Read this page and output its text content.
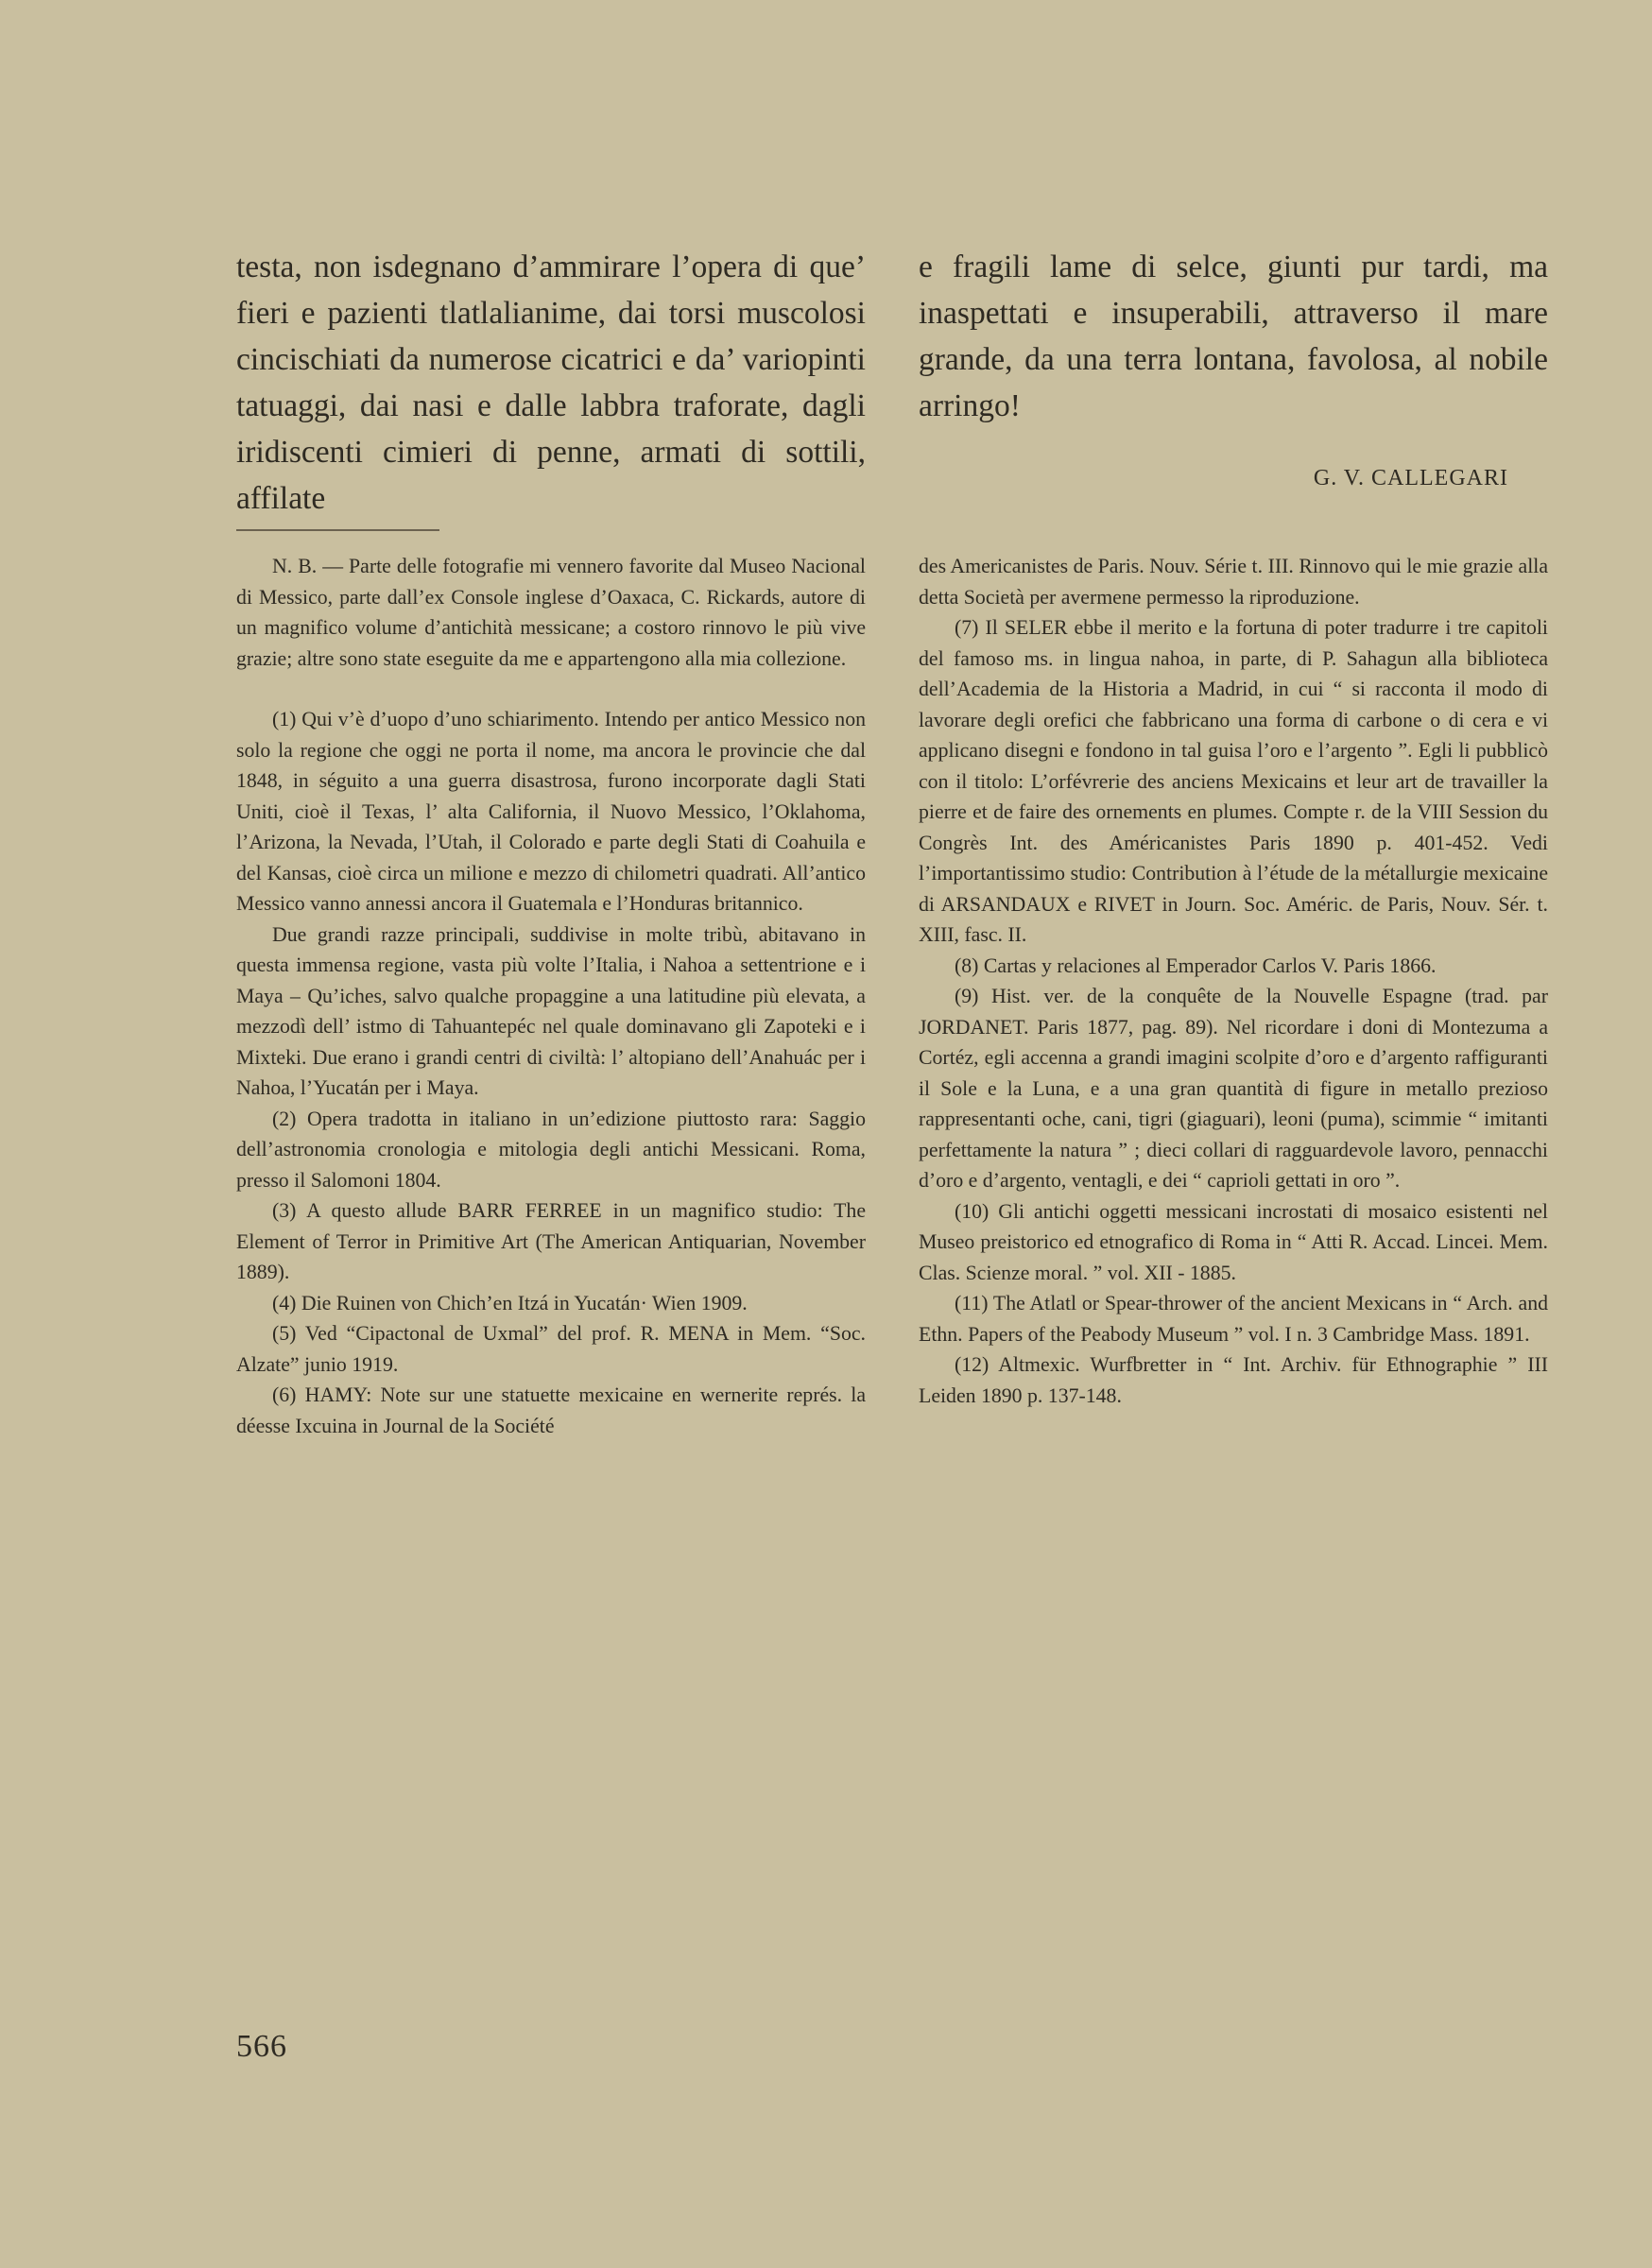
testa, non isdegnano d’ammirare l’opera di que’ fieri e pazienti tlatlalianime, dai torsi muscolosi cincischiati da numerose cicatrici e da’ variopinti tatuaggi, dai nasi e dalle labbra traforate, dagli iridiscenti cimieri di penne, armati di sottili, affilate

e fragili lame di selce, giunti pur tardi, ma inaspettati e insuperabili, attraverso il mare grande, da una terra lontana, favolosa, al nobile arringo!

G. V. CALLEGARI

N. B. — Parte delle fotografie mi vennero favorite dal Museo Nacional di Messico, parte dall’ex Console inglese d’Oaxaca, C. Rickards, autore di un magnifico volume d’antichità messicane; a costoro rinnovo le più vive grazie; altre sono state eseguite da me e appartengono alla mia collezione.

(1) Qui v’è d’uopo d’uno schiarimento. Intendo per antico Messico non solo la regione che oggi ne porta il nome, ma ancora le provincie che dal 1848, in séguito a una guerra disastrosa, furono incorporate dagli Stati Uniti, cioè il Texas, l’ alta California, il Nuovo Messico, l’Oklahoma, l’Arizona, la Nevada, l’Utah, il Colorado e parte degli Stati di Coahuila e del Kansas, cioè circa un milione e mezzo di chilometri quadrati. All’antico Messico vanno annessi ancora il Guatemala e l’Honduras britannico.

Due grandi razze principali, suddivise in molte tribù, abitavano in questa immensa regione, vasta più volte l’Italia, i Nahoa a settentrione e i Maya – Qu’iches, salvo qualche propaggine a una latitudine più elevata, a mezzodì dell’ istmo di Tahuantepéc nel quale dominavano gli Zapoteki e i Mixteki. Due erano i grandi centri di civiltà: l’ altopiano dell’Anahuác per i Nahoa, l’Yucatán per i Maya.

(2) Opera tradotta in italiano in un’edizione piuttosto rara: Saggio dell’astronomia cronologia e mitologia degli antichi Messicani. Roma, presso il Salomoni 1804.

(3) A questo allude BARR FERREE in un magnifico studio: The Element of Terror in Primitive Art (The American Antiquarian, November 1889).

(4) Die Ruinen von Chich’en Itzá in Yucatán· Wien 1909.

(5) Ved “Cipactonal de Uxmal” del prof. R. MENA in Mem. “Soc. Alzate” junio 1919.

(6) HAMY: Note sur une statuette mexicaine en wernerite représ. la déesse Ixcuina in Journal de la Société

des Americanistes de Paris. Nouv. Série t. III. Rinnovo qui le mie grazie alla detta Società per avermene permesso la riproduzione.

(7) Il SELER ebbe il merito e la fortuna di poter tradurre i tre capitoli del famoso ms. in lingua nahoa, in parte, di P. Sahagun alla biblioteca dell’Academia de la Historia a Madrid, in cui “ si racconta il modo di lavorare degli orefici che fabbricano una forma di carbone o di cera e vi applicano disegni e fondono in tal guisa l’oro e l’argento ”. Egli li pubblicò con il titolo: L’orfévrerie des anciens Mexicains et leur art de travailler la pierre et de faire des ornements en plumes. Compte r. de la VIII Session du Congrès Int. des Américanistes Paris 1890 p. 401-452. Vedi l’importantissimo studio: Contribution à l’étude de la métallurgie mexicaine di ARSANDAUX e RIVET in Journ. Soc. Améric. de Paris, Nouv. Sér. t. XIII, fasc. II.

(8) Cartas y relaciones al Emperador Carlos V. Paris 1866.

(9) Hist. ver. de la conquête de la Nouvelle Espagne (trad. par JORDANET. Paris 1877, pag. 89). Nel ricordare i doni di Montezuma a Cortéz, egli accenna a grandi imagini scolpite d’oro e d’argento raffiguranti il Sole e la Luna, e a una gran quantità di figure in metallo prezioso rappresentanti oche, cani, tigri (giaguari), leoni (puma), scimmie “ imitanti perfettamente la natura ” ; dieci collari di ragguardevole lavoro, pennacchi d’oro e d’argento, ventagli, e dei “ caprioli gettati in oro ”.

(10) Gli antichi oggetti messicani incrostati di mosaico esistenti nel Museo preistorico ed etnografico di Roma in “ Atti R. Accad. Lincei. Mem. Clas. Scienze moral. ” vol. XII - 1885.

(11) The Atlatl or Spear-thrower of the ancient Mexicans in “ Arch. and Ethn. Papers of the Peabody Museum ” vol. I n. 3 Cambridge Mass. 1891.

(12) Altmexic. Wurfbretter in “ Int. Archiv. für Ethnographie ” III Leiden 1890 p. 137-148.

566
